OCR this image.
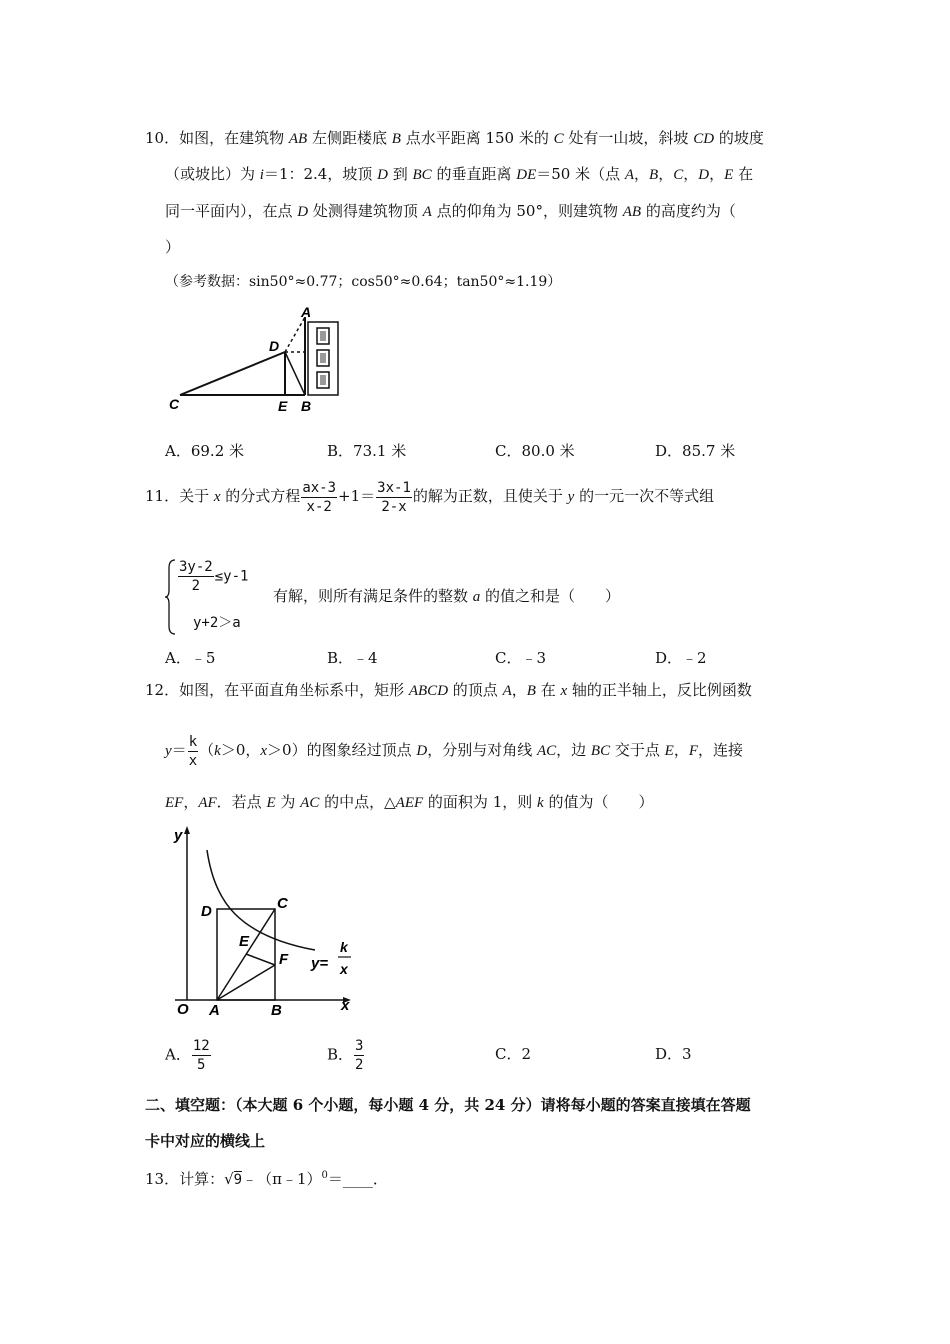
10．如图，在建筑物 AB 左侧距楼底 B 点水平距离 150 米的 C 处有一山坡，斜坡 CD 的坡度
（或坡比）为 i＝1：2.4，坡顶 D 到 BC 的垂直距离 DE＝50 米（点 A，B，C，D，E 在
同一平面内），在点 D 处测得建筑物顶 A 点的仰角为 50°，则建筑物 AB 的高度约为（
）
（参考数据：sin50°≈0.77；cos50°≈0.64；tan50°≈1.19）
A
D
C	E B
A．69.2 米	B．73.1 米	C．80.0 米	D．85.7 米
11．关于 x 的分式方程 $\frac{ax-3}{x-2} +1= \frac{3x-1}{2-x}$ 的解为正数，且使关于 y 的一元一次不等式组
$\frac{3y-2}{2} \le y-1$
y+2＞a
有解，则所有满足条件的整数 a 的值之和是（　　）
A．﹣5	B．﹣4	C．﹣3	D．﹣2
12．如图，在平面直角坐标系中，矩形 ABCD 的顶点 A，B 在 x 轴的正半轴上，反比例函数
$y= \frac{k}{x} (k>0$，x＞0）的图象经过顶点 D，分别与对角线 AC，边 BC 交于点 E，F，连接
EF，AF．若点 E 为 AC 的中点，△AEF 的面积为 1，则 k 的值为（　　）
y
x
O A	B
C
D
E
F y=
k
x
A． $\frac{12}{5}$	B． $\frac{3}{2}$	C．2	D．3
二、填空题：（本大题 6 个小题，每小题 4 分，共 24 分）请将每小题的答案直接填在答题
卡中对应的横线上
13．计算：√9﹣（π﹣1）$^0$＝____．
